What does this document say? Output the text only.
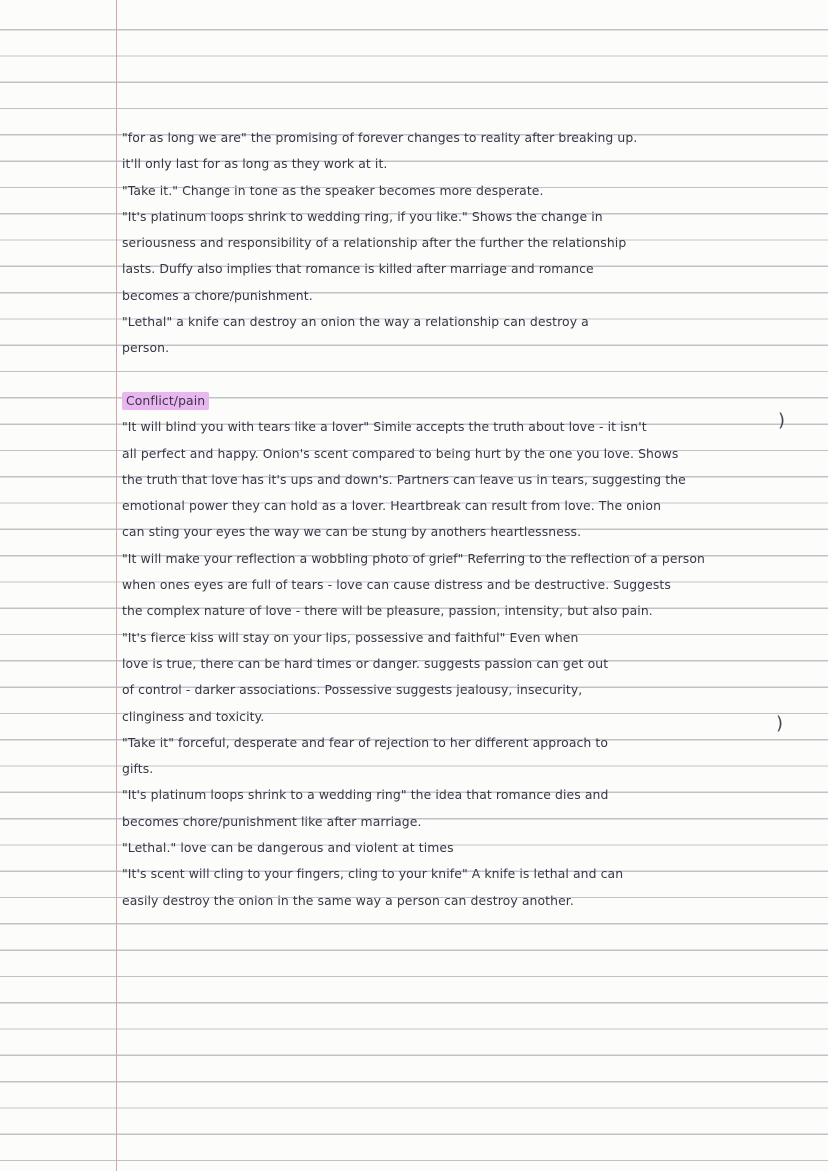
"for as long we are" the promising of forever changes to reality after breaking up.
it'll only last for as long as they work at it.
"Take it." Change in tone as the speaker becomes more desperate.
"It's platinum loops shrink to wedding ring, if you like." Shows the change in
seriousness and responsibility of a relationship after the further the relationship
lasts. Duffy also implies that romance is killed after marriage and romance
becomes a chore/punishment.
"Lethal" a knife can destroy an onion the way a relationship can destroy a
person.
Conflict/pain
"It will blind you with tears like a lover" Simile accepts the truth about love - it isn't
all perfect and happy. Onion's scent compared to being hurt by the one you love. Shows
the truth that love has it's ups and down's. Partners can leave us in tears, suggesting the
emotional power they can hold as a lover. Heartbreak can result from love. The onion
can sting your eyes the way we can be stung by anothers heartlessness.
"It will make your reflection a wobbling photo of grief" Referring to the reflection of a person
when ones eyes are full of tears - love can cause distress and be destructive. Suggests
the complex nature of love - there will be pleasure, passion, intensity, but also pain.
"It's fierce kiss will stay on your lips, possessive and faithful" Even when
love is true, there can be hard times or danger. suggests passion can get out
of control - darker associations. Possessive suggests jealousy, insecurity,
clinginess and toxicity.
"Take it" forceful, desperate and fear of rejection to her different approach to
gifts.
"It's platinum loops shrink to a wedding ring" the idea that romance dies and
becomes chore/punishment like after marriage.
"Lethal." love can be dangerous and violent at times
"It's scent will cling to your fingers, cling to your knife" A knife is lethal and can
easily destroy the onion in the same way a person can destroy another.
)
)
